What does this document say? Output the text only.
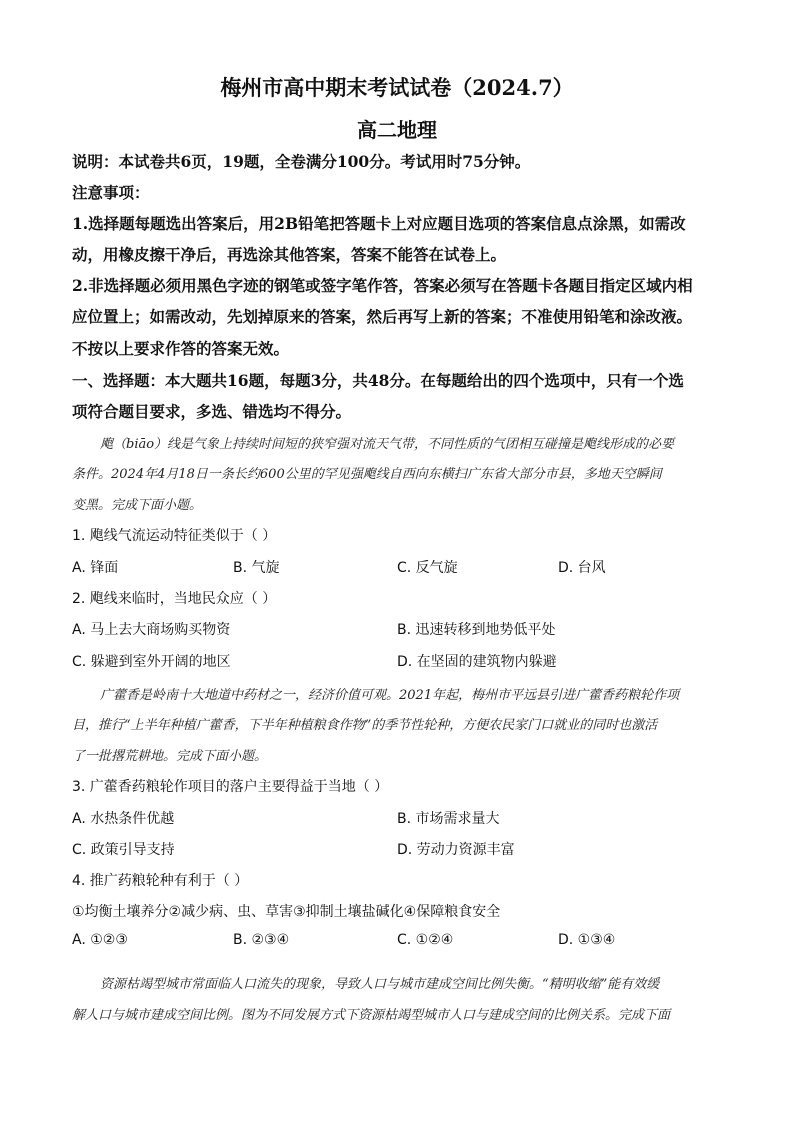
梅州市高中期末考试试卷（2024.7）
高二地理
说明：本试卷共6页，19题，全卷满分100分。考试用时75分钟。
注意事项：
1.选择题每题选出答案后，用2B铅笔把答题卡上对应题目选项的答案信息点涂黑，如需改
动，用橡皮擦干净后，再选涂其他答案，答案不能答在试卷上。
2.非选择题必须用黑色字迹的钢笔或签字笔作答，答案必须写在答题卡各题目指定区域内相
应位置上；如需改动，先划掉原来的答案，然后再写上新的答案；不准使用铅笔和涂改液。
不按以上要求作答的答案无效。
一、选择题：本大题共16题，每题3分，共48分。在每题给出的四个选项中，只有一个选
项符合题目要求，多选、错选均不得分。
飑（biāo）线是气象上持续时间短的狭窄强对流天气带，不同性质的气团相互碰撞是飑线形成的必要
条件。2024年4月18日一条长约600公里的罕见强飑线自西向东横扫广东省大部分市县，多地天空瞬间
变黑。完成下面小题。
1. 飑线气流运动特征类似于（ ）
A. 锋面	B. 气旋	C. 反气旋	D. 台风
2. 飑线来临时，当地民众应（ ）
A. 马上去大商场购买物资	B. 迅速转移到地势低平处
C. 躲避到室外开阔的地区	D. 在坚固的建筑物内躲避
广藿香是岭南十大地道中药材之一，经济价值可观。2021年起，梅州市平远县引进广藿香药粮轮作项
目，推行“上半年种植广藿香，下半年种植粮食作物”的季节性轮种，方便农民家门口就业的同时也激活
了一批撂荒耕地。完成下面小题。
3. 广藿香药粮轮作项目的落户主要得益于当地（ ）
A. 水热条件优越	B. 市场需求量大
C. 政策引导支持	D. 劳动力资源丰富
4. 推广药粮轮种有利于（ ）
①均衡土壤养分②减少病、虫、草害③抑制土壤盐碱化④保障粮食安全
A. ①②③	B. ②③④	C. ①②④	D. ①③④
资源枯竭型城市常面临人口流失的现象，导致人口与城市建成空间比例失衡。“精明收缩”能有效缓
解人口与城市建成空间比例。图为不同发展方式下资源枯竭型城市人口与建成空间的比例关系。完成下面
